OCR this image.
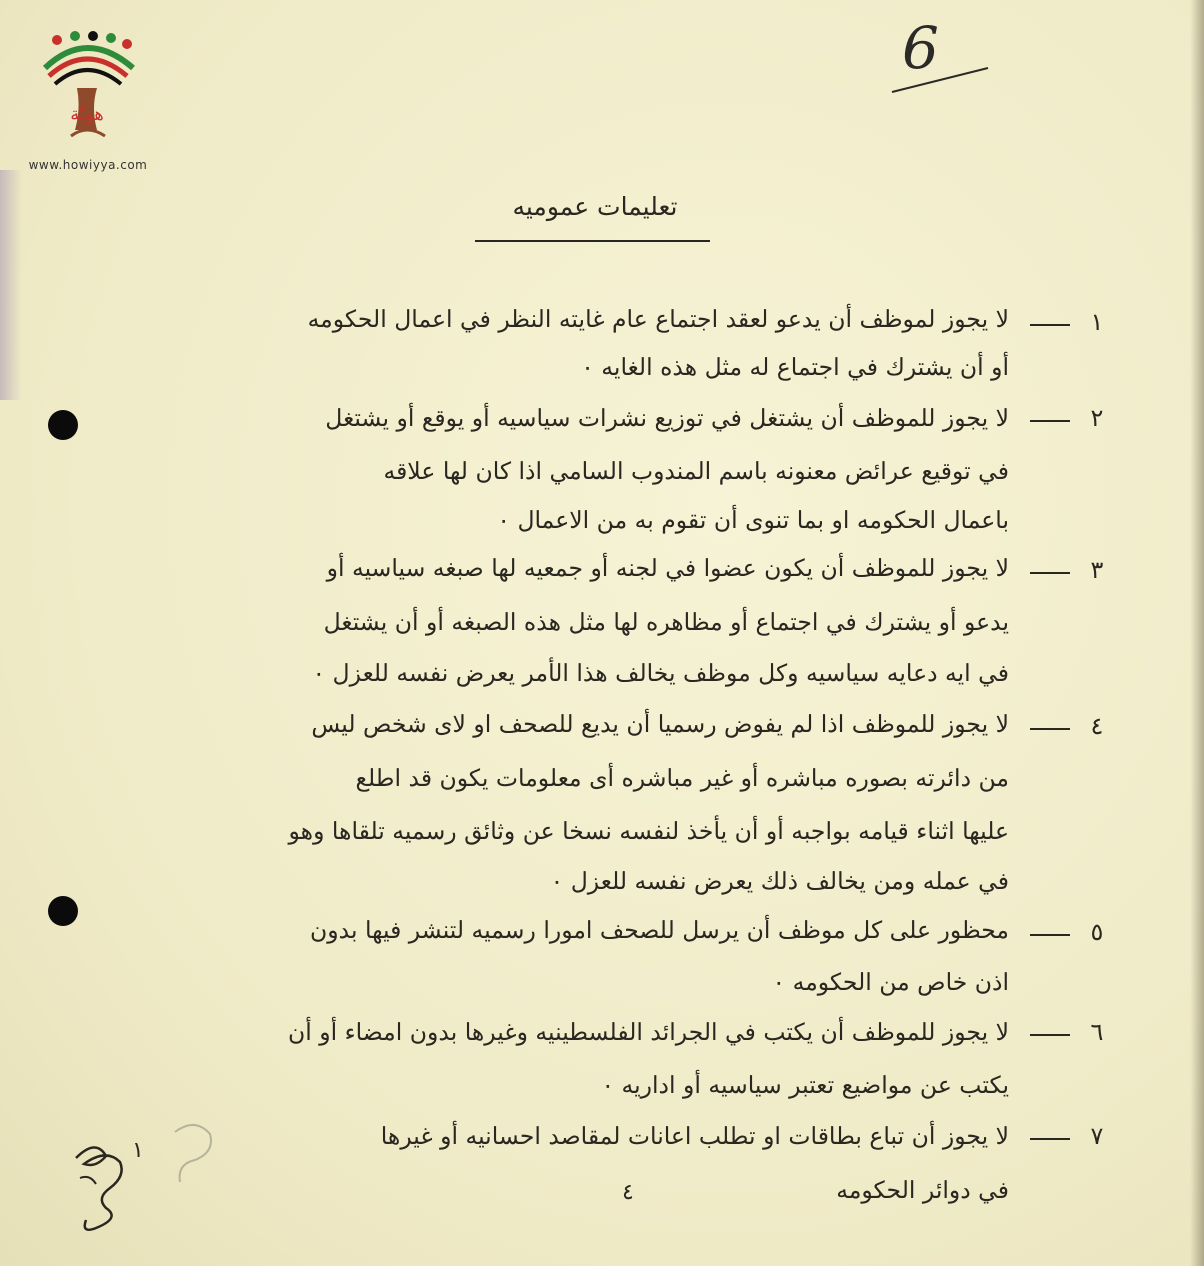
هويّة
www.howiyya.com
6
تعليمات عموميه
١
لا يجوز لموظف أن يدعو لعقد اجتماع عام غايته النظر في اعمال الحكومه
أو أن يشترك في اجتماع له مثل هذه الغايه ٠
٢
لا يجوز للموظف أن يشتغل في توزيع نشرات سياسيه أو يوقع أو يشتغل
في توقيع عرائض معنونه باسم المندوب السامي اذا كان لها علاقه
باعمال الحكومه او بما تنوى أن تقوم به من الاعمال ٠
٣
لا يجوز للموظف أن يكون عضوا في لجنه أو جمعيه لها صبغه سياسيه أو
يدعو أو يشترك في اجتماع أو مظاهره لها مثل هذه الصبغه أو أن يشتغل
في ايه دعايه سياسيه وكل موظف يخالف هذا الأمر يعرض نفسه للعزل ٠
٤
لا يجوز للموظف اذا لم يفوض رسميا أن يديع للصحف او لاى شخص ليس
من دائرته بصوره مباشره أو غير مباشره أى معلومات يكون قد اطلع
عليها اثناء قيامه بواجبه أو أن يأخذ لنفسه نسخا عن وثائق رسميه تلقاها وهو
في عمله ومن يخالف ذلك يعرض نفسه للعزل ٠
٥
محظور على كل موظف أن يرسل للصحف امورا رسميه لتنشر فيها بدون
اذن خاص من الحكومه ٠
٦
لا يجوز للموظف أن يكتب في الجرائد الفلسطينيه وغيرها بدون امضاء أو أن
يكتب عن مواضيع تعتبر سياسيه أو اداريه ٠
٧
لا يجوز أن تباع بطاقات او تطلب اعانات لمقاصد احسانيه أو غيرها
في دوائر الحكومه
٤
١
